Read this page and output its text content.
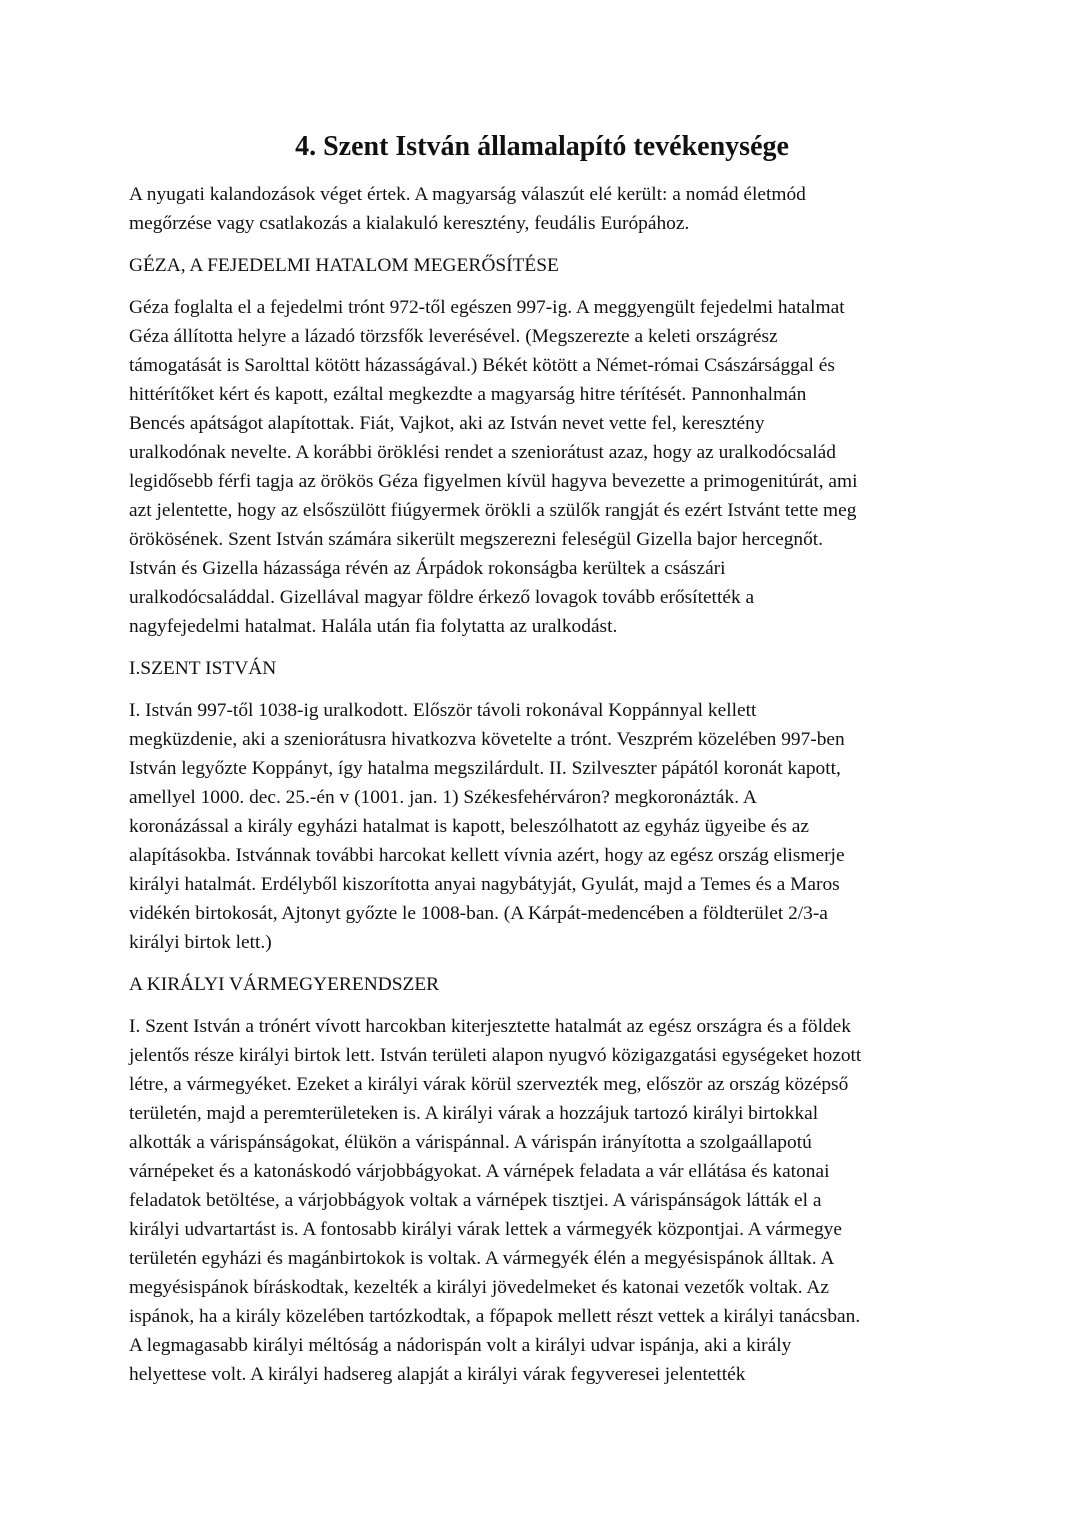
4. Szent István államalapító tevékenysége

A nyugati kalandozások véget értek. A magyarság válaszút elé került: a nomád életmód
megőrzése vagy csatlakozás a kialakuló keresztény, feudális Európához.

GÉZA, A FEJEDELMI HATALOM MEGERŐSÍTÉSE

Géza foglalta el a fejedelmi trónt 972-től egészen 997-ig. A meggyengült fejedelmi hatalmat
Géza állította helyre a lázadó törzsfők leverésével. (Megszerezte a keleti országrész
támogatását is Sarolttal kötött házasságával.) Békét kötött a Német-római Császársággal és
hittérítőket kért és kapott, ezáltal megkezdte a magyarság hitre térítését. Pannonhalmán
Bencés apátságot alapítottak. Fiát, Vajkot, aki az István nevet vette fel, keresztény
uralkodónak nevelte. A korábbi öröklési rendet a szeniorátust azaz, hogy az uralkodócsalád
legidősebb férfi tagja az örökös Géza figyelmen kívül hagyva bevezette a primogenitúrát, ami
azt jelentette, hogy az elsőszülött fiúgyermek örökli a szülők rangját és ezért Istvánt tette meg
örökösének. Szent István számára sikerült megszerezni feleségül Gizella bajor hercegnőt.
István és Gizella házassága révén az Árpádok rokonságba kerültek a császári
uralkodócsaláddal. Gizellával magyar földre érkező lovagok tovább erősítették a
nagyfejedelmi hatalmat. Halála után fia folytatta az uralkodást.

I.SZENT ISTVÁN

I. István 997-től 1038-ig uralkodott. Először távoli rokonával Koppánnyal kellett
megküzdenie, aki a szeniorátusra hivatkozva követelte a trónt. Veszprém közelében 997-ben
István legyőzte Koppányt, így hatalma megszilárdult. II. Szilveszter pápától koronát kapott,
amellyel 1000. dec. 25.-én v (1001. jan. 1) Székesfehérváron? megkoronázták. A
koronázással a király egyházi hatalmat is kapott, beleszólhatott az egyház ügyeibe és az
alapításokba. Istvánnak további harcokat kellett vívnia azért, hogy az egész ország elismerje
királyi hatalmát. Erdélyből kiszorította anyai nagybátyját, Gyulát, majd a Temes és a Maros
vidékén birtokosát, Ajtonyt győzte le 1008-ban. (A Kárpát-medencében a földterület 2/3-a
királyi birtok lett.)

A KIRÁLYI VÁRMEGYERENDSZER

I. Szent István a trónért vívott harcokban kiterjesztette hatalmát az egész országra és a földek
jelentős része királyi birtok lett. István területi alapon nyugvó közigazgatási egységeket hozott
létre, a vármegyéket. Ezeket a királyi várak körül szervezték meg, először az ország középső
területén, majd a peremterületeken is. A királyi várak a hozzájuk tartozó királyi birtokkal
alkották a várispánságokat, élükön a várispánnal. A várispán irányította a szolgaállapotú
várnépeket és a katonáskodó várjobbágyokat. A várnépek feladata a vár ellátása és katonai
feladatok betöltése, a várjobbágyok voltak a várnépek tisztjei. A várispánságok látták el a
királyi udvartartást is. A fontosabb királyi várak lettek a vármegyék központjai. A vármegye
területén egyházi és magánbirtokok is voltak. A vármegyék élén a megyésispánok álltak. A
megyésispánok bíráskodtak, kezelték a királyi jövedelmeket és katonai vezetők voltak. Az
ispánok, ha a király közelében tartózkodtak, a főpapok mellett részt vettek a királyi tanácsban.
A legmagasabb királyi méltóság a nádorispán volt a királyi udvar ispánja, aki a király
helyettese volt. A királyi hadsereg alapját a királyi várak fegyveresei jelentették
